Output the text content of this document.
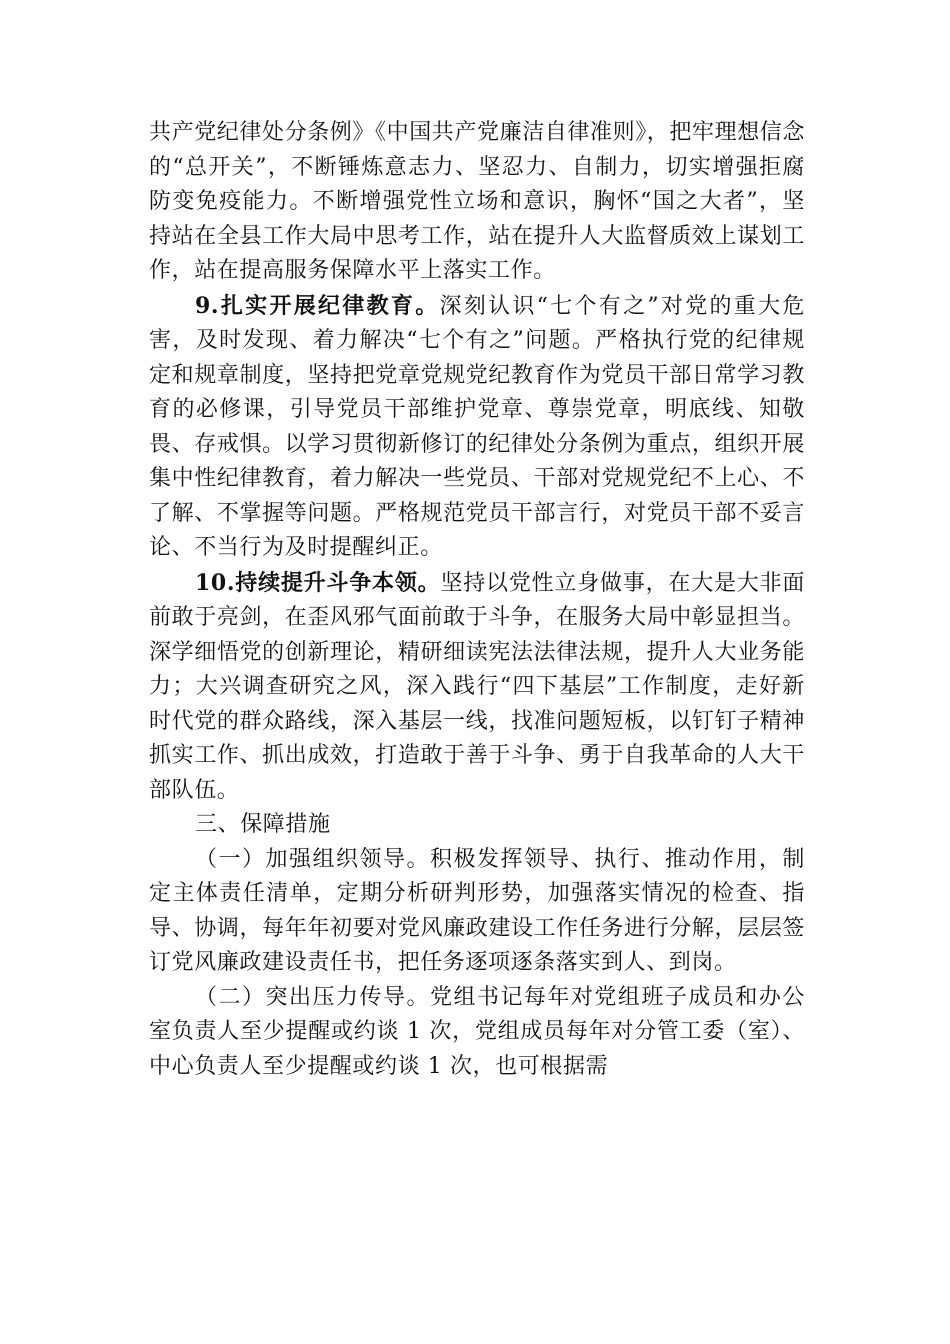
共产党纪律处分条例》《中国共产党廉洁自律准则》，把牢理想信念的“总开关”，不断锤炼意志力、坚忍力、自制力，切实增强拒腐防变免疫能力。不断增强党性立场和意识，胸怀“国之大者”，坚持站在全县工作大局中思考工作，站在提升人大监督质效上谋划工作，站在提高服务保障水平上落实工作。

9.扎实开展纪律教育。深刻认识“七个有之”对党的重大危害，及时发现、着力解决“七个有之”问题。严格执行党的纪律规定和规章制度，坚持把党章党规党纪教育作为党员干部日常学习教育的必修课，引导党员干部维护党章、尊崇党章，明底线、知敬畏、存戒惧。以学习贯彻新修订的纪律处分条例为重点，组织开展集中性纪律教育，着力解决一些党员、干部对党规党纪不上心、不了解、不掌握等问题。严格规范党员干部言行，对党员干部不妥言论、不当行为及时提醒纠正。

10.持续提升斗争本领。坚持以党性立身做事，在大是大非面前敢于亮剑，在歪风邪气面前敢于斗争，在服务大局中彰显担当。深学细悟党的创新理论，精研细读宪法法律法规，提升人大业务能力；大兴调查研究之风，深入践行“四下基层”工作制度，走好新时代党的群众路线，深入基层一线，找准问题短板，以钉钉子精神抓实工作、抓出成效，打造敢于善于斗争、勇于自我革命的人大干部队伍。

三、保障措施

（一）加强组织领导。积极发挥领导、执行、推动作用，制定主体责任清单，定期分析研判形势，加强落实情况的检查、指导、协调，每年年初要对党风廉政建设工作任务进行分解，层层签订党风廉政建设责任书，把任务逐项逐条落实到人、到岗。

（二）突出压力传导。党组书记每年对党组班子成员和办公室负责人至少提醒或约谈 1 次，党组成员每年对分管工委（室）、中心负责人至少提醒或约谈 1 次，也可根据需
